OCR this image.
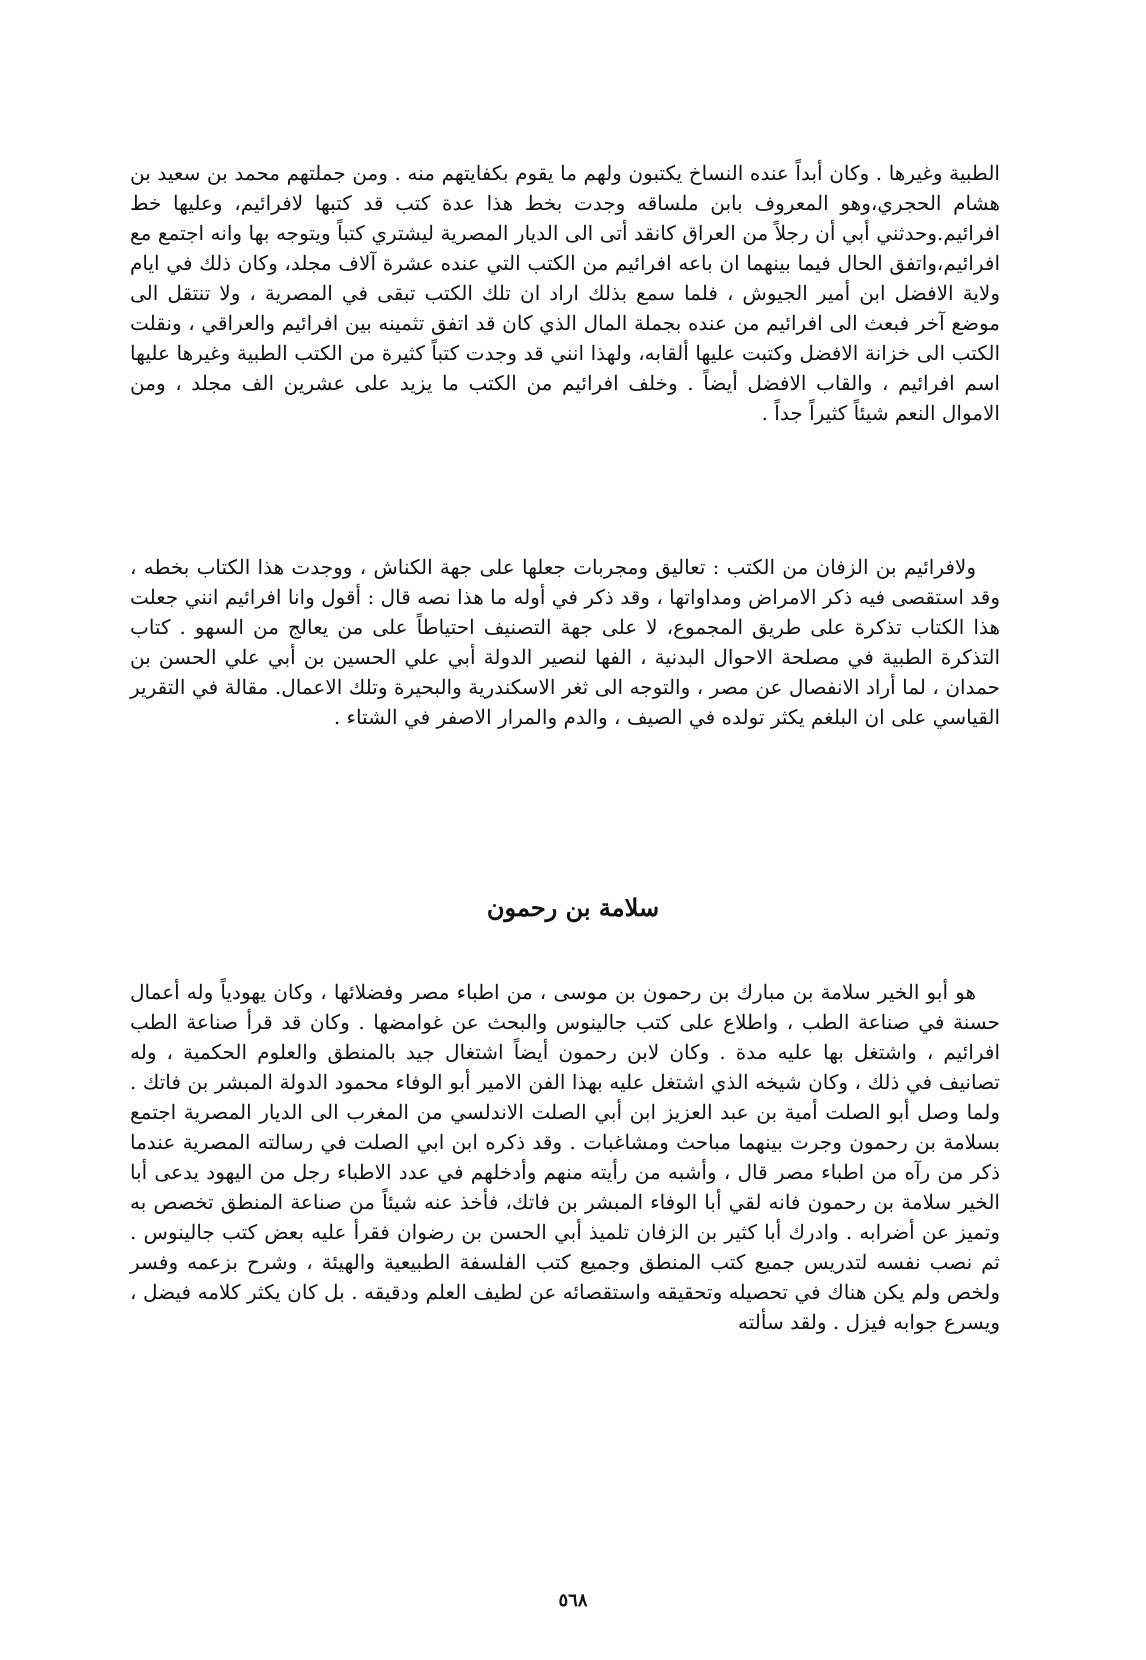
الطبية وغيرها . وكان أبداً عنده النساخ يكتبون ولهم ما يقوم بكفايتهم منه . ومن جملتهم محمد بن سعيد بن هشام الحجري،وهو المعروف بابن ملساقه وجدت بخط هذا عدة كتب قد كتبها لافرائيم، وعليها خط افرائيم.وحدثني أبي أن رجلاً من العراق كانقد أتى الى الديار المصرية ليشتري كتباً ويتوجه بها وانه اجتمع مع افرائيم،واتفق الحال فيما بينهما ان باعه افرائيم من الكتب التي عنده عشرة آلاف مجلد، وكان ذلك في ايام ولاية الافضل ابن أمير الجيوش ، فلما سمع بذلك اراد ان تلك الكتب تبقى في المصرية ، ولا تنتقل الى موضع آخر فبعث الى افرائيم من عنده بجملة المال الذي كان قد اتفق تثمينه بين افرائيم والعراقي ، ونقلت الكتب الى خزانة الافضل وكتبت عليها ألقابه، ولهذا انني قد وجدت كتباً كثيرة من الكتب الطبية وغيرها عليها اسم افرائيم ، والقاب الافضل أيضاً . وخلف افرائيم من الكتب ما يزيد على عشرين الف مجلد ، ومن الاموال النعم شيئاً كثيراً جداً .

ولافرائيم بن الزفان من الكتب : تعاليق ومجربات جعلها على جهة الكناش ، ووجدت هذا الكتاب بخطه ، وقد استقصى فيه ذكر الامراض ومداواتها ، وقد ذكر في أوله ما هذا نصه قال : أقول وانا افرائيم انني جعلت هذا الكتاب تذكرة على طريق المجموع، لا على جهة التصنيف احتياطاً على من يعالج من السهو . كتاب التذكرة الطبية في مصلحة الاحوال البدنية ، الفها لنصير الدولة أبي علي الحسين بن أبي علي الحسن بن حمدان ، لما أراد الانفصال عن مصر ، والتوجه الى ثغر الاسكندرية والبحيرة وتلك الاعمال. مقالة في التقرير القياسي على ان البلغم يكثر تولده في الصيف ، والدم والمرار الاصفر في الشتاء .

سلامة بن رحمون

هو أبو الخير سلامة بن مبارك بن رحمون بن موسى ، من اطباء مصر وفضلائها ، وكان يهودياً وله أعمال حسنة في صناعة الطب ، واطلاع على كتب جالينوس والبحث عن غوامضها . وكان قد قرأ صناعة الطب افرائيم ، واشتغل بها عليه مدة . وكان لابن رحمون أيضاً اشتغال جيد بالمنطق والعلوم الحكمية ، وله تصانيف في ذلك ، وكان شيخه الذي اشتغل عليه بهذا الفن الامير أبو الوفاء محمود الدولة المبشر بن فاتك . ولما وصل أبو الصلت أمية بن عبد العزيز ابن أبي الصلت الاندلسي من المغرب الى الديار المصرية اجتمع بسلامة بن رحمون وجرت بينهما مباحث ومشاغبات . وقد ذكره ابن ابي الصلت في رسالته المصرية عندما ذكر من رآه من اطباء مصر قال ، وأشبه من رأيته منهم وأدخلهم في عدد الاطباء رجل من اليهود يدعى أبا الخير سلامة بن رحمون فانه لقي أبا الوفاء المبشر بن فاتك، فأخذ عنه شيئاً من صناعة المنطق تخصص به وتميز عن أضرابه . وادرك أبا كثير بن الزفان تلميذ أبي الحسن بن رضوان فقرأ عليه بعض كتب جالينوس . ثم نصب نفسه لتدريس جميع كتب المنطق وجميع كتب الفلسفة الطبيعية والهيئة ، وشرح بزعمه وفسر ولخص ولم يكن هناك في تحصيله وتحقيقه واستقصائه عن لطيف العلم ودقيقه . بل كان يكثر كلامه فيضل ، ويسرع جوابه فيزل . ولقد سألته

٥٦٨
